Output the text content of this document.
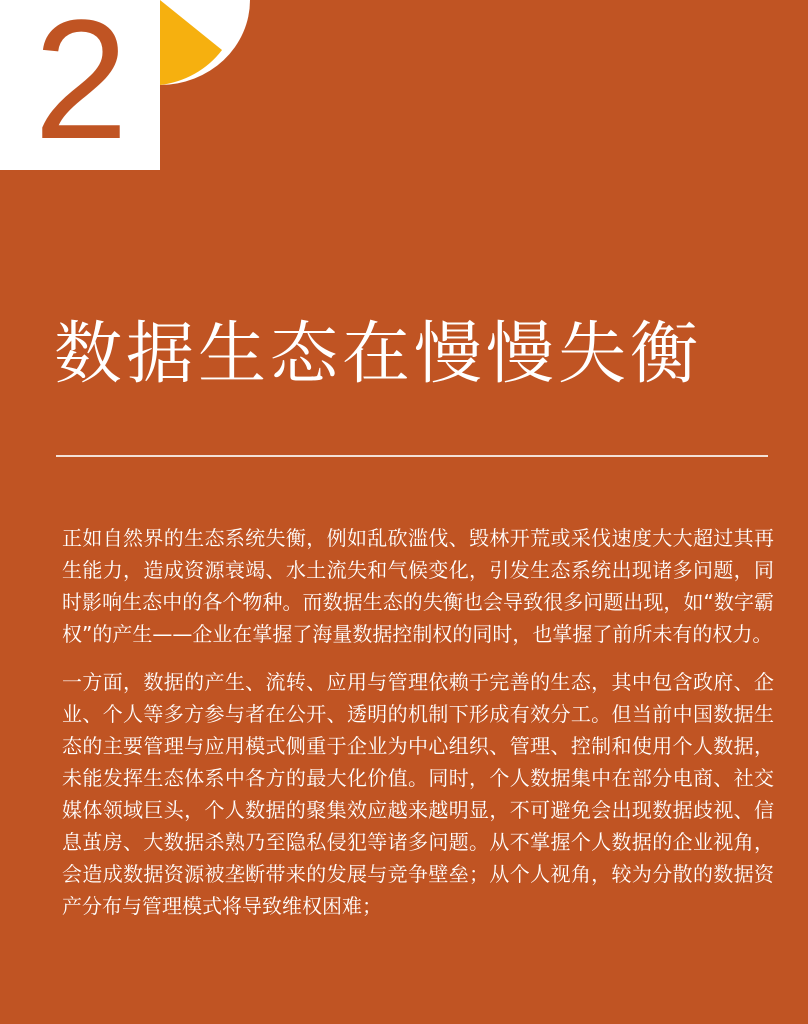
2
数据生态在慢慢失衡

正如自然界的生态系统失衡，例如乱砍滥伐、毁林开荒或采伐速度大大超过其再生能力，造成资源衰竭、水土流失和气候变化，引发生态系统出现诸多问题，同时影响生态中的各个物种。而数据生态的失衡也会导致很多问题出现，如“数字霸权”的产生——企业在掌握了海量数据控制权的同时，也掌握了前所未有的权力。

一方面，数据的产生、流转、应用与管理依赖于完善的生态，其中包含政府、企业、个人等多方参与者在公开、透明的机制下形成有效分工。但当前中国数据生态的主要管理与应用模式侧重于企业为中心组织、管理、控制和使用个人数据，未能发挥生态体系中各方的最大化价值。同时，个人数据集中在部分电商、社交媒体领域巨头，个人数据的聚集效应越来越明显，不可避免会出现数据歧视、信息茧房、大数据杀熟乃至隐私侵犯等诸多问题。从不掌握个人数据的企业视角，会造成数据资源被垄断带来的发展与竞争壁垒；从个人视角，较为分散的数据资产分布与管理模式将导致维权困难；
